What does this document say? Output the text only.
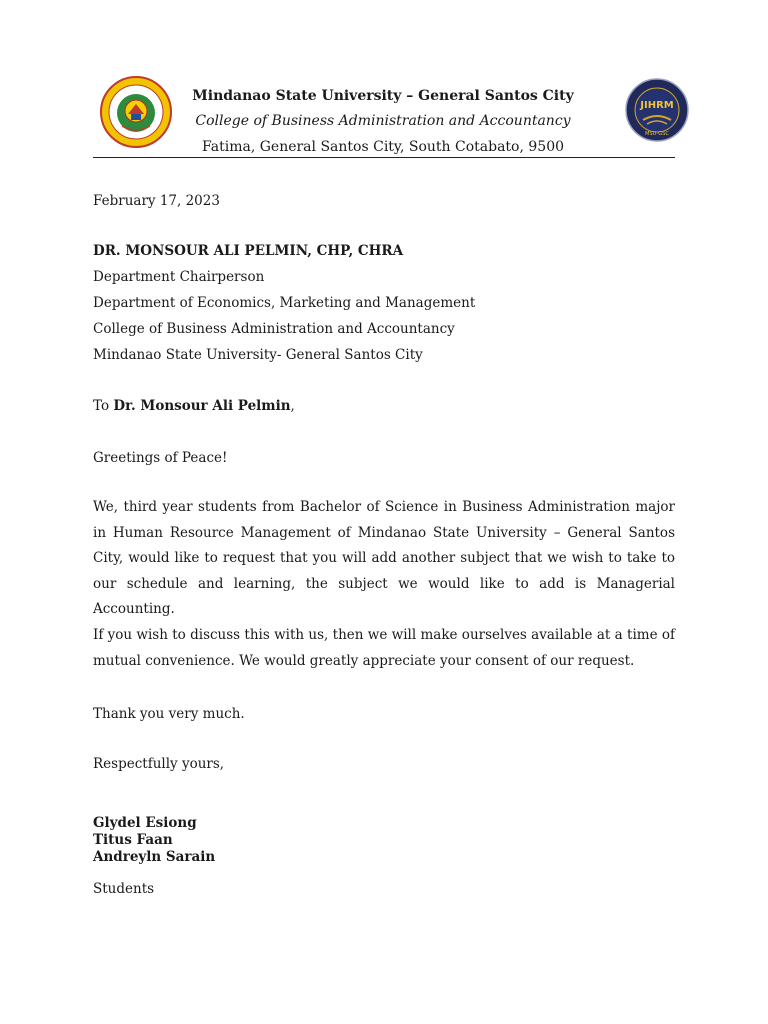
JIHRM
MSU-GSC
Mindanao State University – General Santos City
College of Business Administration and Accountancy
Fatima, General Santos City, South Cotabato, 9500
February 17, 2023
DR. MONSOUR ALI PELMIN, CHP, CHRA
Department Chairperson
Department of Economics, Marketing and Management
College of Business Administration and Accountancy
Mindanao State University- General Santos City
To Dr. Monsour Ali Pelmin,
Greetings of Peace!
We, third year students from Bachelor of Science in Business Administration major in Human Resource Management of Mindanao State University – General Santos City, would like to request that you will add another subject that we wish to take to our schedule and learning, the subject we would like to add is Managerial Accounting.
If you wish to discuss this with us, then we will make ourselves available at a time of mutual convenience. We would greatly appreciate your consent of our request.
Thank you very much.
Respectfully yours,
Glydel Esiong
Titus Faan
Andreyln Sarain
Students
